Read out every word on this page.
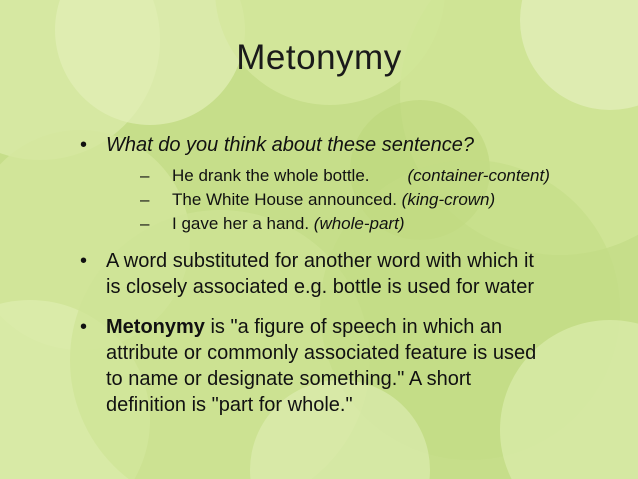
Metonymy
• What do you think about these sentence?
– He drank the whole bottle. (container-content)
– The White House announced. (king-crown)
– I gave her a hand. (whole-part)
• A word substituted for another word with which it
is closely associated e.g. bottle is used for water
• Metonymy is "a figure of speech in which an
attribute or commonly associated feature is used
to name or designate something." A short
definition is "part for whole."
